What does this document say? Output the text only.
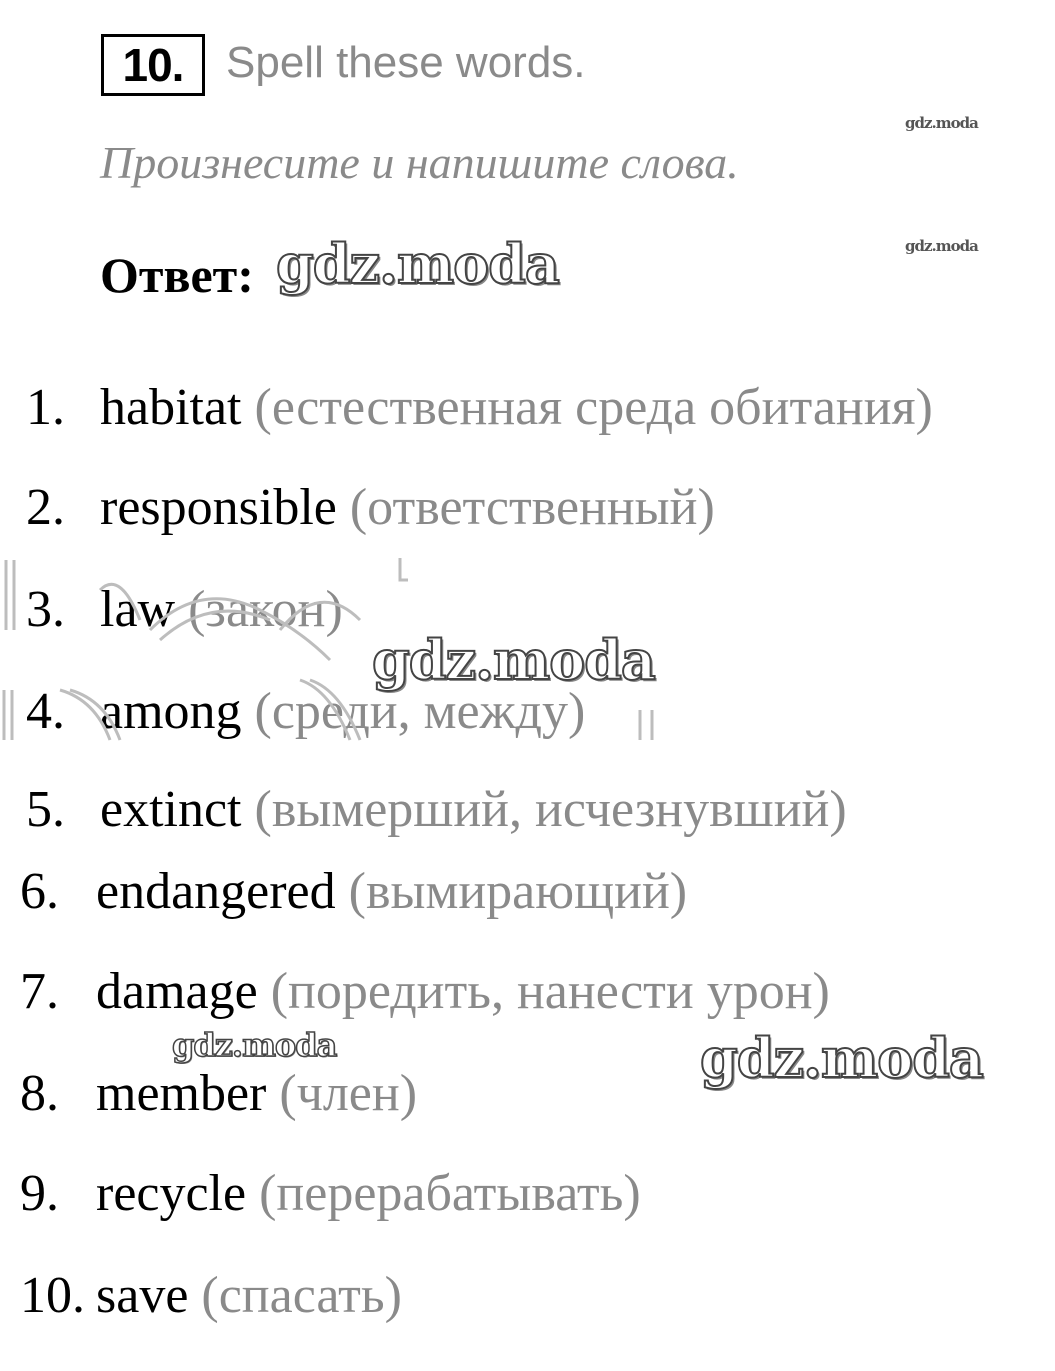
10. Spell these words.
Произнесите и напишите слова.
Ответ:
gdz.moda
gdz.moda
gdz.moda
1. habitat (естественная среда обитания)
2. responsible (ответственный)
3. law (закон)
4. among (среди, между)
5. extinct (вымерший, исчезнувший)
6. endangered (вымирающий)
7. damage (поредить, нанести урон)
8. member (член)
9. recycle (перерабатывать)
10. save (спасать)
gdz.moda
gdz.moda	gdz.moda
